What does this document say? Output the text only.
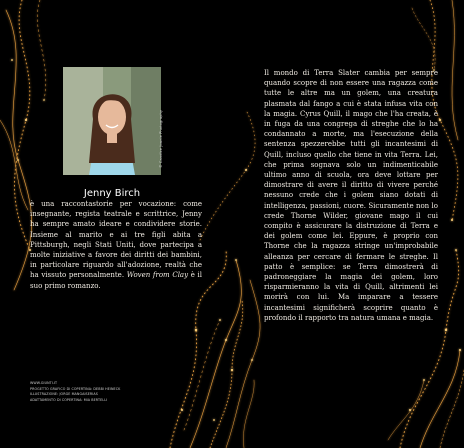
© Candice Joanie Photography
Jenny Birch
è una raccontastorie per vocazione: come insegnante, regista teatrale e scrittrice, Jenny ha sempre amato ideare e condividere storie. Insieme al marito e ai tre figli abita a Pittsburgh, negli Stati Uniti, dove partecipa a molte iniziative a favore dei diritti dei bambini, in particolare riguardo all'adozione, realtà che ha vissuto personalmente. Woven from Clay è il suo primo romanzo.
Il mondo di Terra Slater cambia per sempre quando scopre di non essere una ragazza come tutte le altre ma un golem, una creatura plasmata dal fango a cui è stata infusa vita con la magia. Cyrus Quill, il mago che l'ha creata, è in fuga da una congrega di streghe che lo ha condannato a morte, ma l'esecuzione della sentenza spezzerebbe tutti gli incantesimi di Quill, incluso quello che tiene in vita Terra. Lei, che prima sognava solo un indimenticabile ultimo anno di scuola, ora deve lottare per dimostrare di avere il diritto di vivere perché nessuno crede che i golem siano dotati di intelligenza, passioni, cuore. Sicuramente non lo crede Thorne Wilder, giovane mago il cui compito è assicurare la distruzione di Terra e dei golem come lei. Eppure, è proprio con Thorne che la ragazza stringe un'improbabile alleanza per cercare di fermare le streghe. Il patto è semplice: se Terra dimostrerà di padroneggiare la magia dei golem, loro risparmieranno la vita di Quill, altrimenti lei morirà con lui. Ma imparare a tessere incantesimi significherà scoprire quanto è profondo il rapporto tra natura umana e magia.
WWW.GIUNTI.IT
PROGETTO GRAFICO DI COPERTINA: DEBBI HEINECK
ILLUSTRAZIONE: JORGE MANGAISERIAS
ADATTAMENTO DI COPERTINA: MIA BERTELLI
